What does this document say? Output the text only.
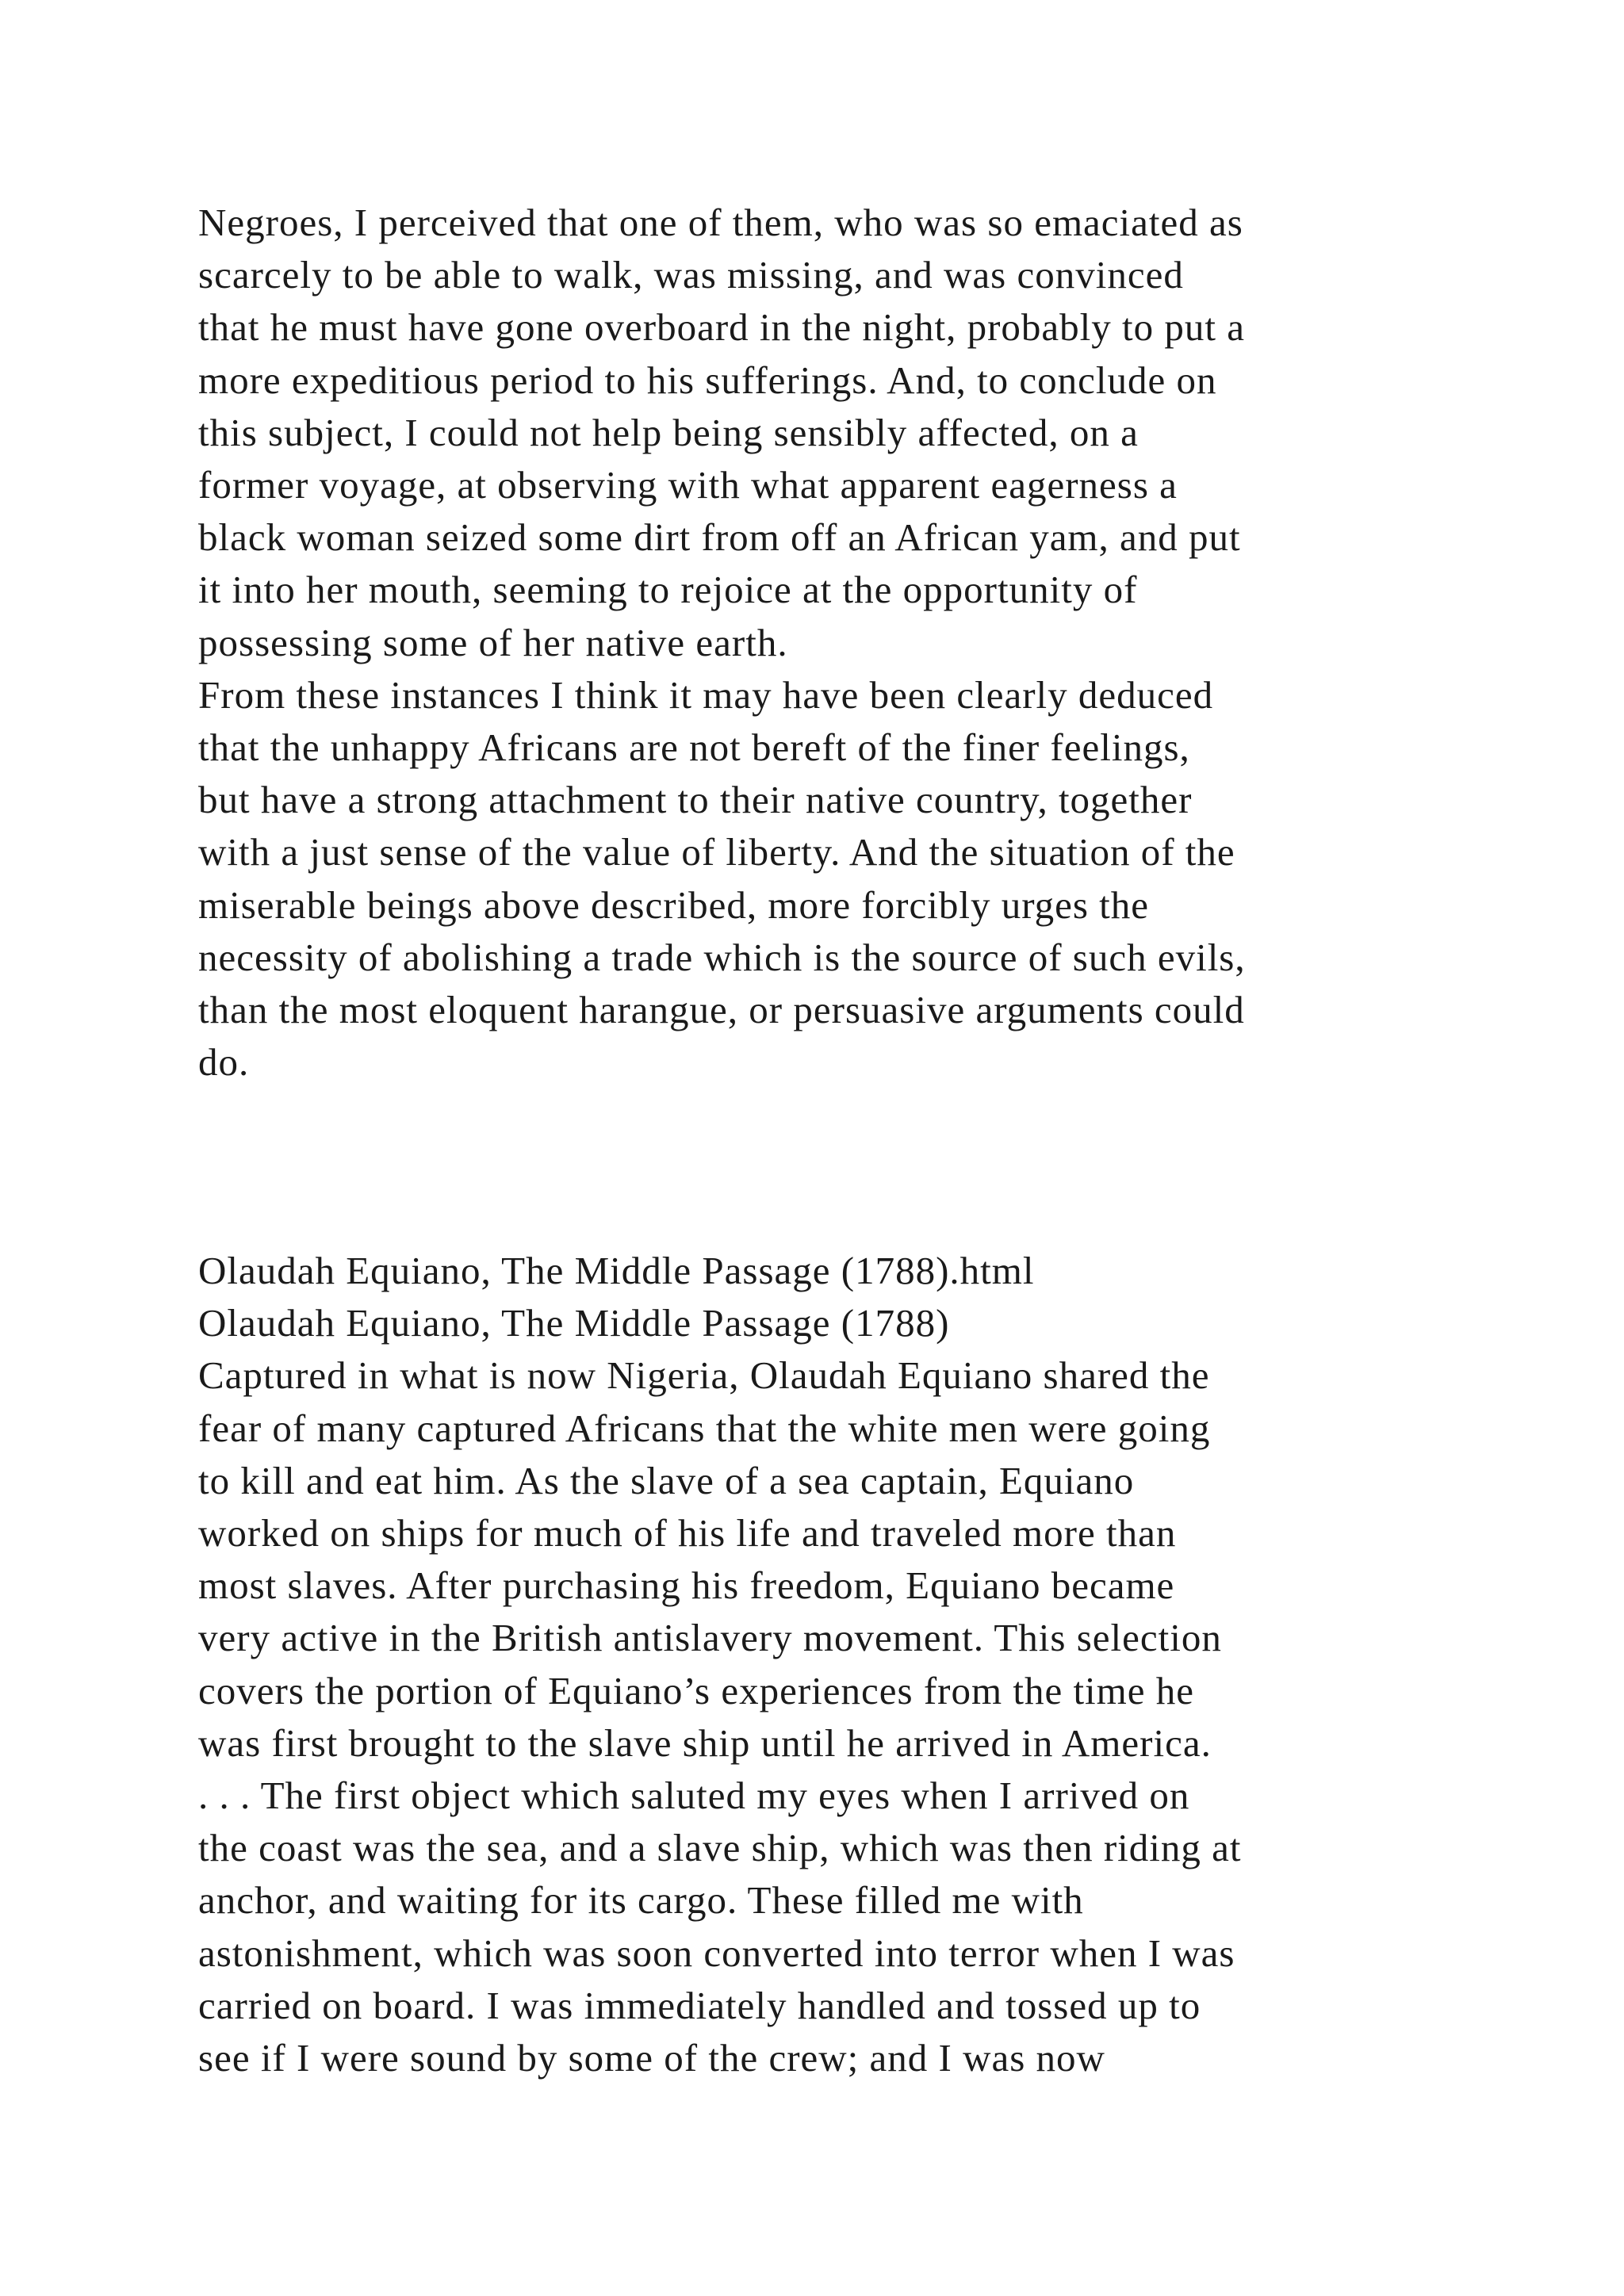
Negroes, I perceived that one of them, who was so emaciated as
scarcely to be able to walk, was missing, and was convinced
that he must have gone overboard in the night, probably to put a
more expeditious period to his sufferings. And, to conclude on
this subject, I could not help being sensibly affected, on a
former voyage, at observing with what apparent eagerness a
black woman seized some dirt from off an African yam, and put
it into her mouth, seeming to rejoice at the opportunity of
possessing some of her native earth.
From these instances I think it may have been clearly deduced
that the unhappy Africans are not bereft of the finer feelings,
but have a strong attachment to their native country, together
with a just sense of the value of liberty. And the situation of the
miserable beings above described, more forcibly urges the
necessity of abolishing a trade which is the source of such evils,
than the most eloquent harangue, or persuasive arguments could
do.
Olaudah Equiano, The Middle Passage (1788).html
Olaudah Equiano, The Middle Passage (1788)
Captured in what is now Nigeria, Olaudah Equiano shared the
fear of many captured Africans that the white men were going
to kill and eat him. As the slave of a sea captain, Equiano
worked on ships for much of his life and traveled more than
most slaves. After purchasing his freedom, Equiano became
very active in the British antislavery movement. This selection
covers the portion of Equiano’s experiences from the time he
was first brought to the slave ship until he arrived in America.
. . . The first object which saluted my eyes when I arrived on
the coast was the sea, and a slave ship, which was then riding at
anchor, and waiting for its cargo. These filled me with
astonishment, which was soon converted into terror when I was
carried on board. I was immediately handled and tossed up to
see if I were sound by some of the crew; and I was now
